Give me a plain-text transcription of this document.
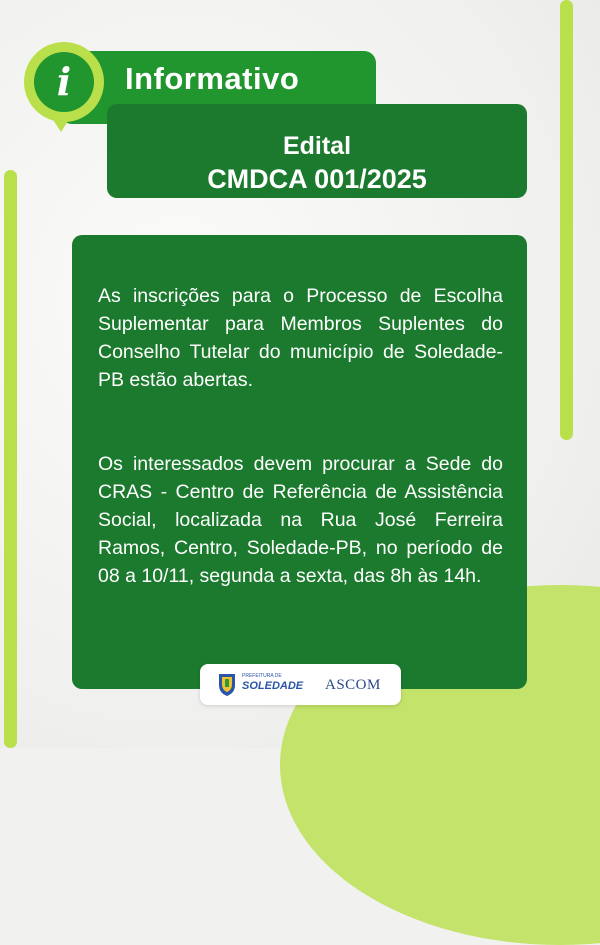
Informativo
i
Edital
CMDCA 001/2025
As inscrições para o Processo de Escolha Suplementar para Membros Suplentes do Conselho Tutelar do município de Soledade-PB estão abertas.
Os interessados devem procurar a Sede do CRAS - Centro de Referência de Assistência Social, localizada na Rua José Ferreira Ramos, Centro, Soledade-PB, no período de 08 a 10/11, segunda a sexta, das 8h às 14h.
PREFEITURA DE
SOLEDADE ASCOM
